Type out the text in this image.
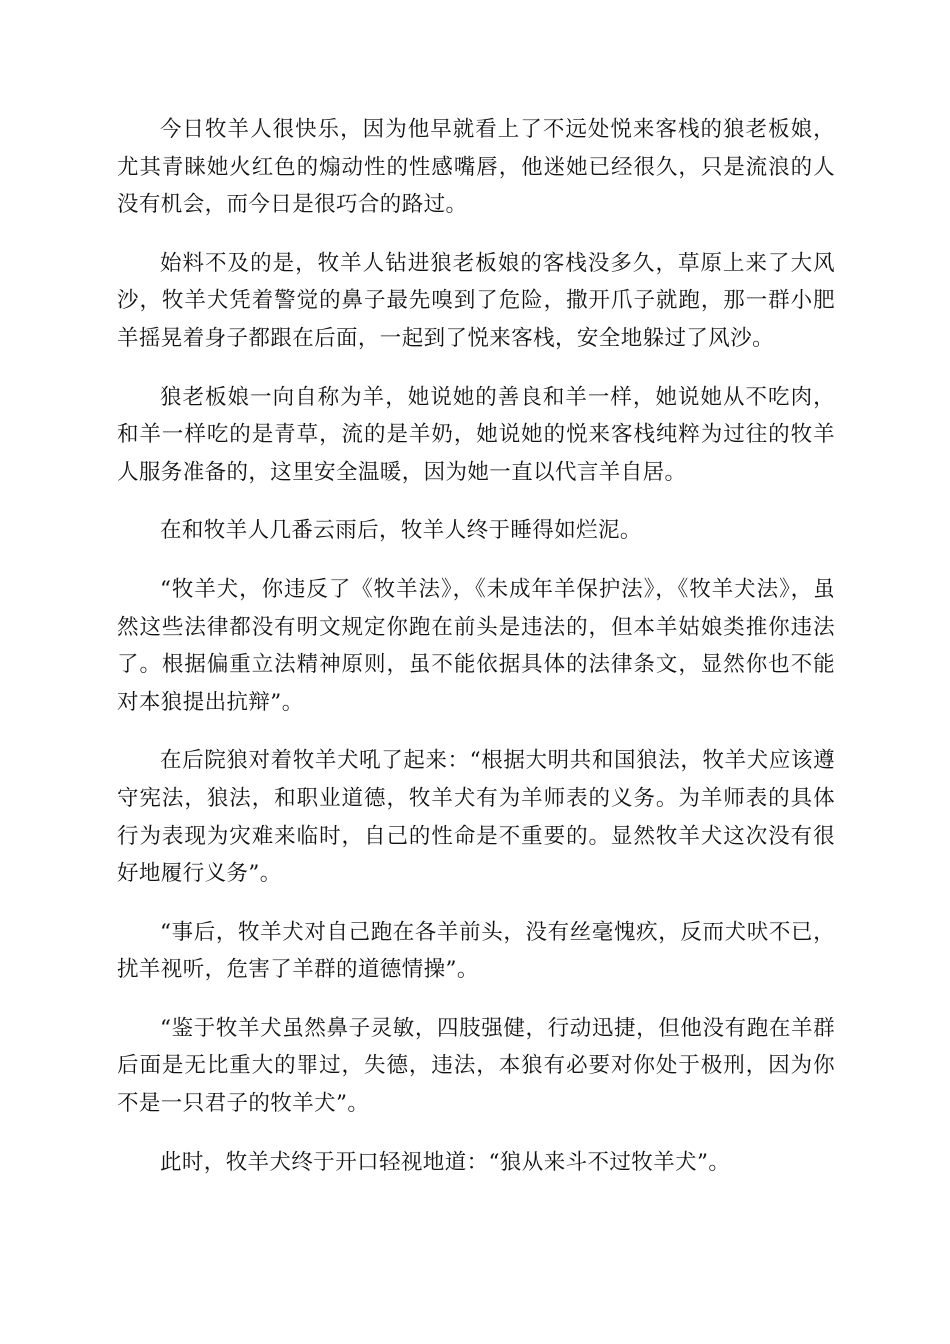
今日牧羊人很快乐，因为他早就看上了不远处悦来客栈的狼老板娘，尤其青睐她火红色的煽动性的性感嘴唇，他迷她已经很久，只是流浪的人没有机会，而今日是很巧合的路过。

始料不及的是，牧羊人钻进狼老板娘的客栈没多久，草原上来了大风沙，牧羊犬凭着警觉的鼻子最先嗅到了危险，撒开爪子就跑，那一群小肥羊摇晃着身子都跟在后面，一起到了悦来客栈，安全地躲过了风沙。

狼老板娘一向自称为羊，她说她的善良和羊一样，她说她从不吃肉，和羊一样吃的是青草，流的是羊奶，她说她的悦来客栈纯粹为过往的牧羊人服务准备的，这里安全温暖，因为她一直以代言羊自居。

在和牧羊人几番云雨后，牧羊人终于睡得如烂泥。

“牧羊犬，你违反了《牧羊法》，《未成年羊保护法》，《牧羊犬法》，虽然这些法律都没有明文规定你跑在前头是违法的，但本羊姑娘类推你违法了。根据偏重立法精神原则，虽不能依据具体的法律条文，显然你也不能对本狼提出抗辩”。

在后院狼对着牧羊犬吼了起来：“根据大明共和国狼法，牧羊犬应该遵守宪法，狼法，和职业道德，牧羊犬有为羊师表的义务。为羊师表的具体行为表现为灾难来临时，自己的性命是不重要的。显然牧羊犬这次没有很好地履行义务”。

“事后，牧羊犬对自己跑在各羊前头，没有丝毫愧疚，反而犬吠不已，扰羊视听，危害了羊群的道德情操”。

“鉴于牧羊犬虽然鼻子灵敏，四肢强健，行动迅捷，但他没有跑在羊群后面是无比重大的罪过，失德，违法，本狼有必要对你处于极刑，因为你不是一只君子的牧羊犬”。

此时，牧羊犬终于开口轻视地道：“狼从来斗不过牧羊犬”。
